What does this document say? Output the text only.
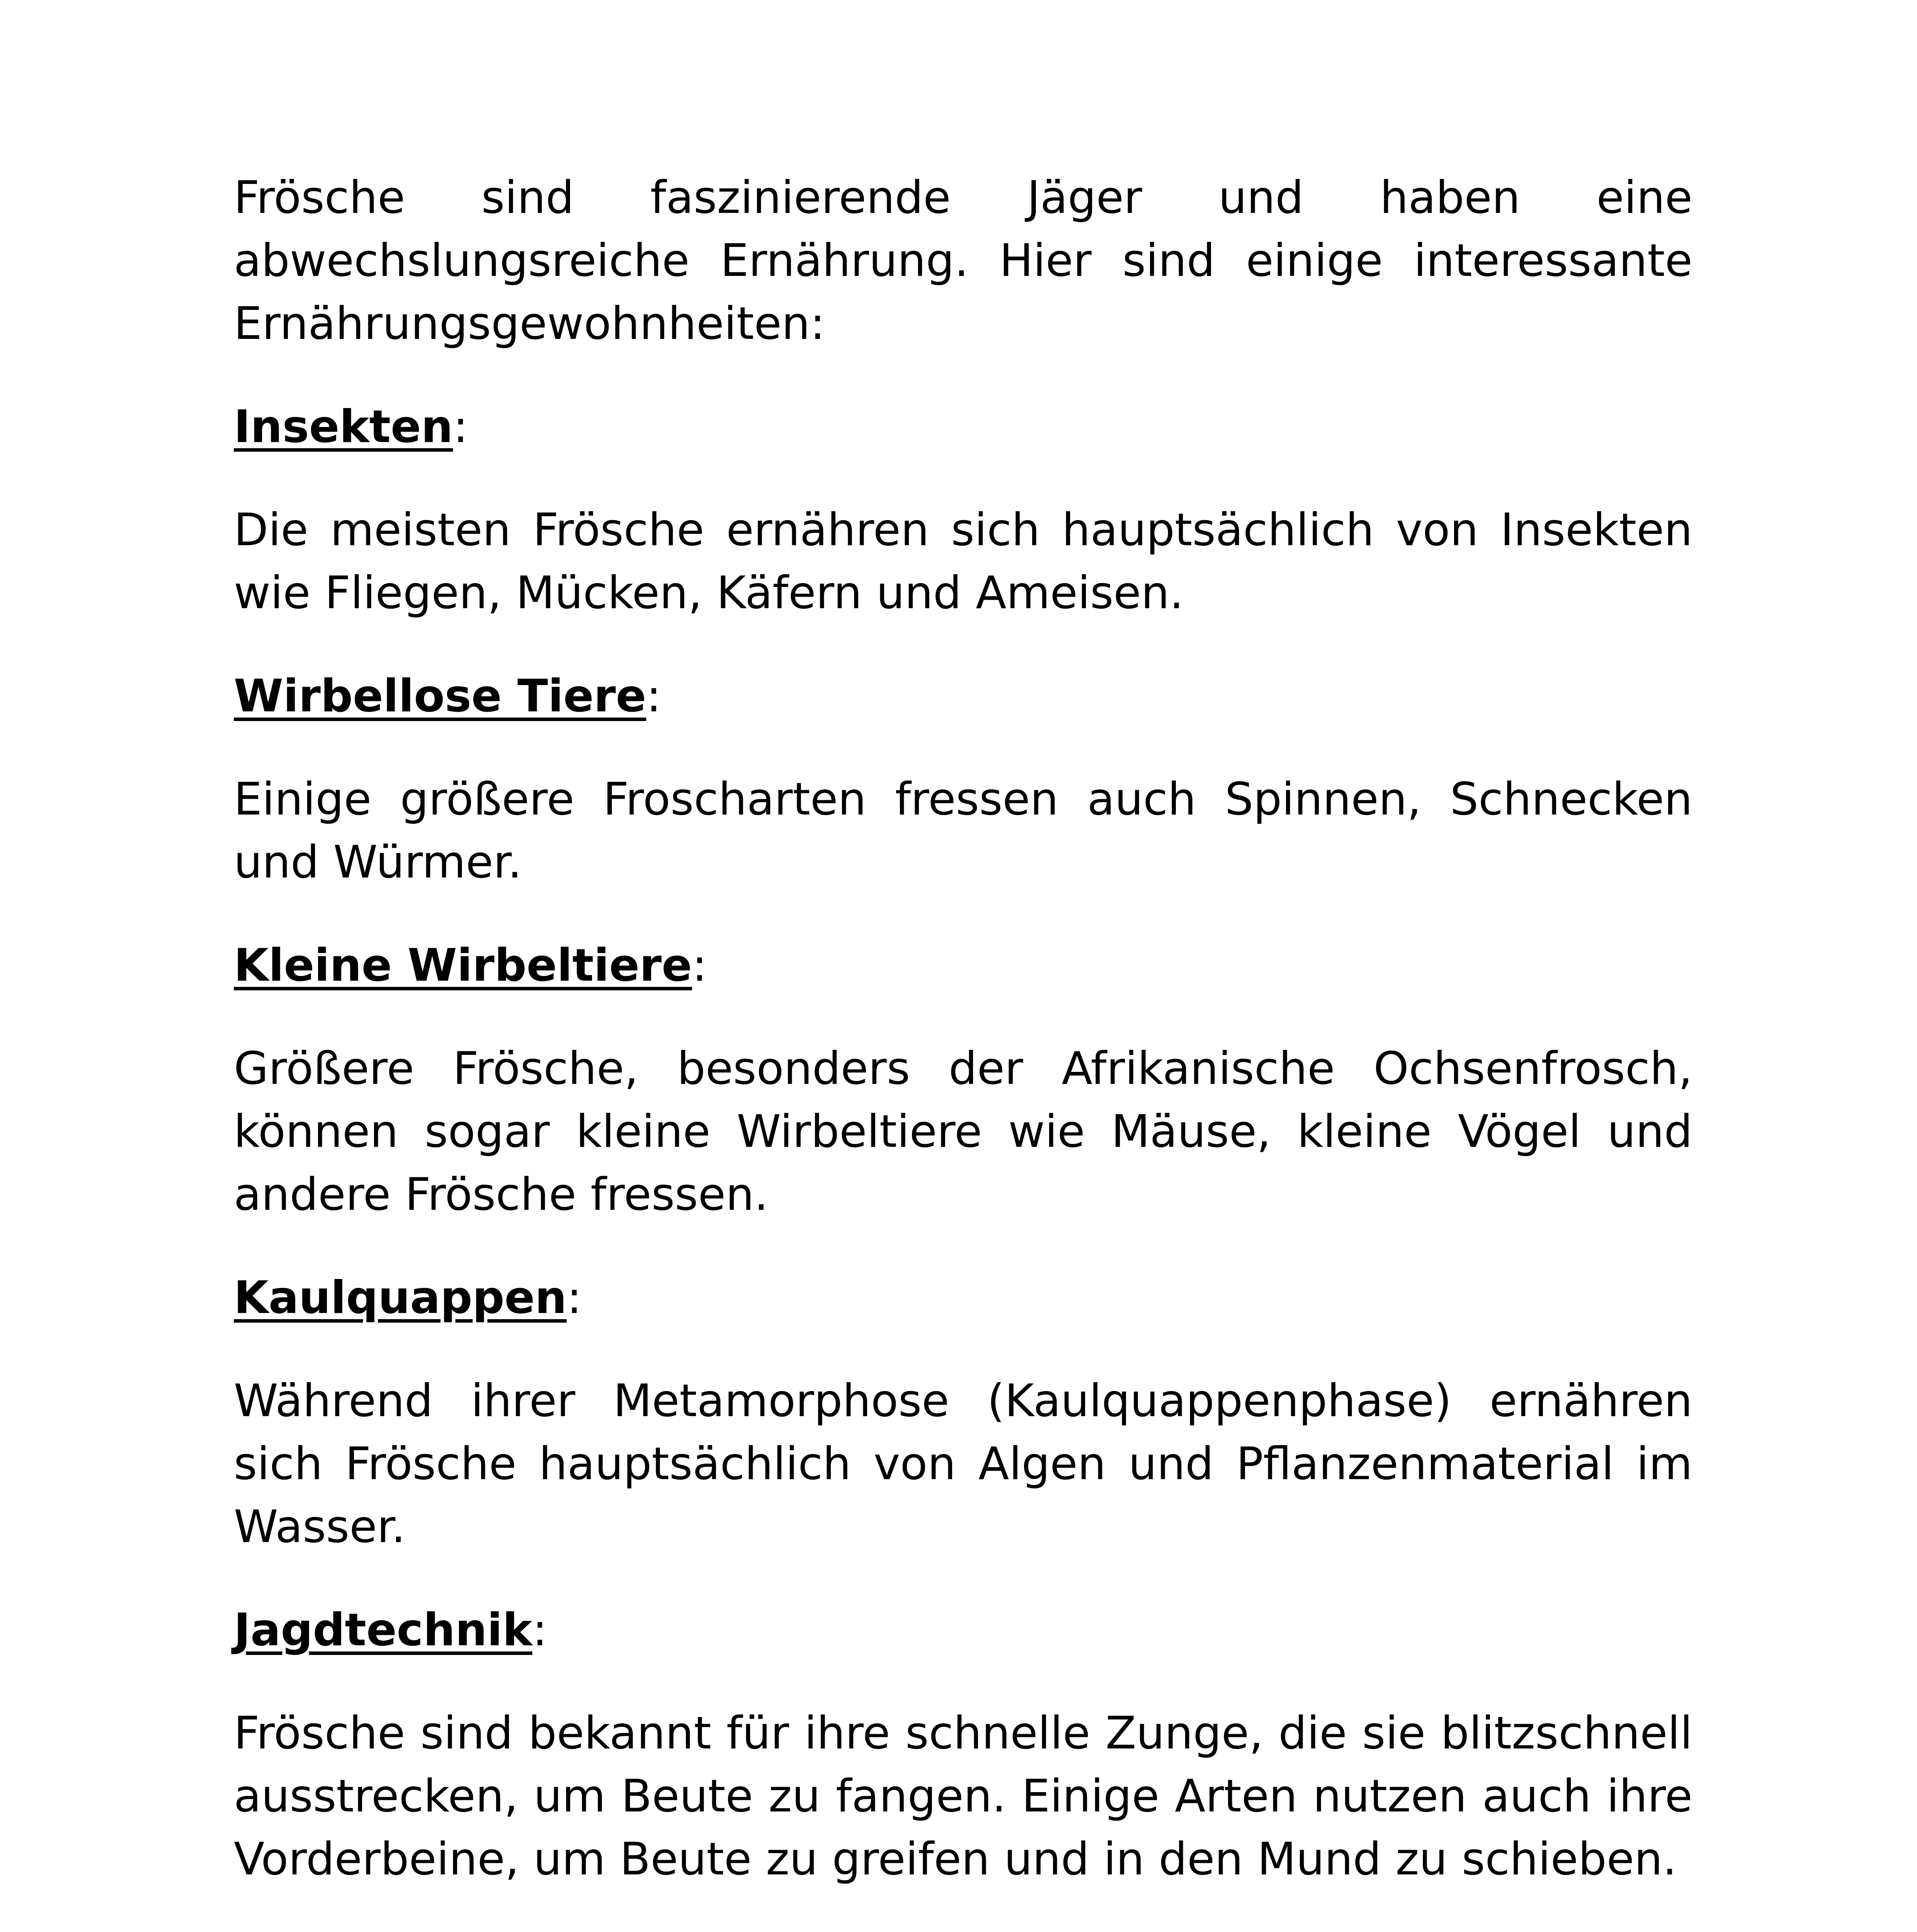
Frösche sind faszinierende Jäger und haben eine abwechslungsreiche Ernährung. Hier sind einige interessante Ernährungsgewohnheiten:

Insekten:

Die meisten Frösche ernähren sich hauptsächlich von Insekten wie Fliegen, Mücken, Käfern und Ameisen.

Wirbellose Tiere:

Einige größere Froscharten fressen auch Spinnen, Schnecken und Würmer.

Kleine Wirbeltiere:

Größere Frösche, besonders der Afrikanische Ochsenfrosch, können sogar kleine Wirbeltiere wie Mäuse, kleine Vögel und andere Frösche fressen.

Kaulquappen:

Während ihrer Metamorphose (Kaulquappenphase) ernähren sich Frösche hauptsächlich von Algen und Pflanzenmaterial im Wasser.

Jagdtechnik:

Frösche sind bekannt für ihre schnelle Zunge, die sie blitzschnell ausstrecken, um Beute zu fangen. Einige Arten nutzen auch ihre Vorderbeine, um Beute zu greifen und in den Mund zu schieben.
